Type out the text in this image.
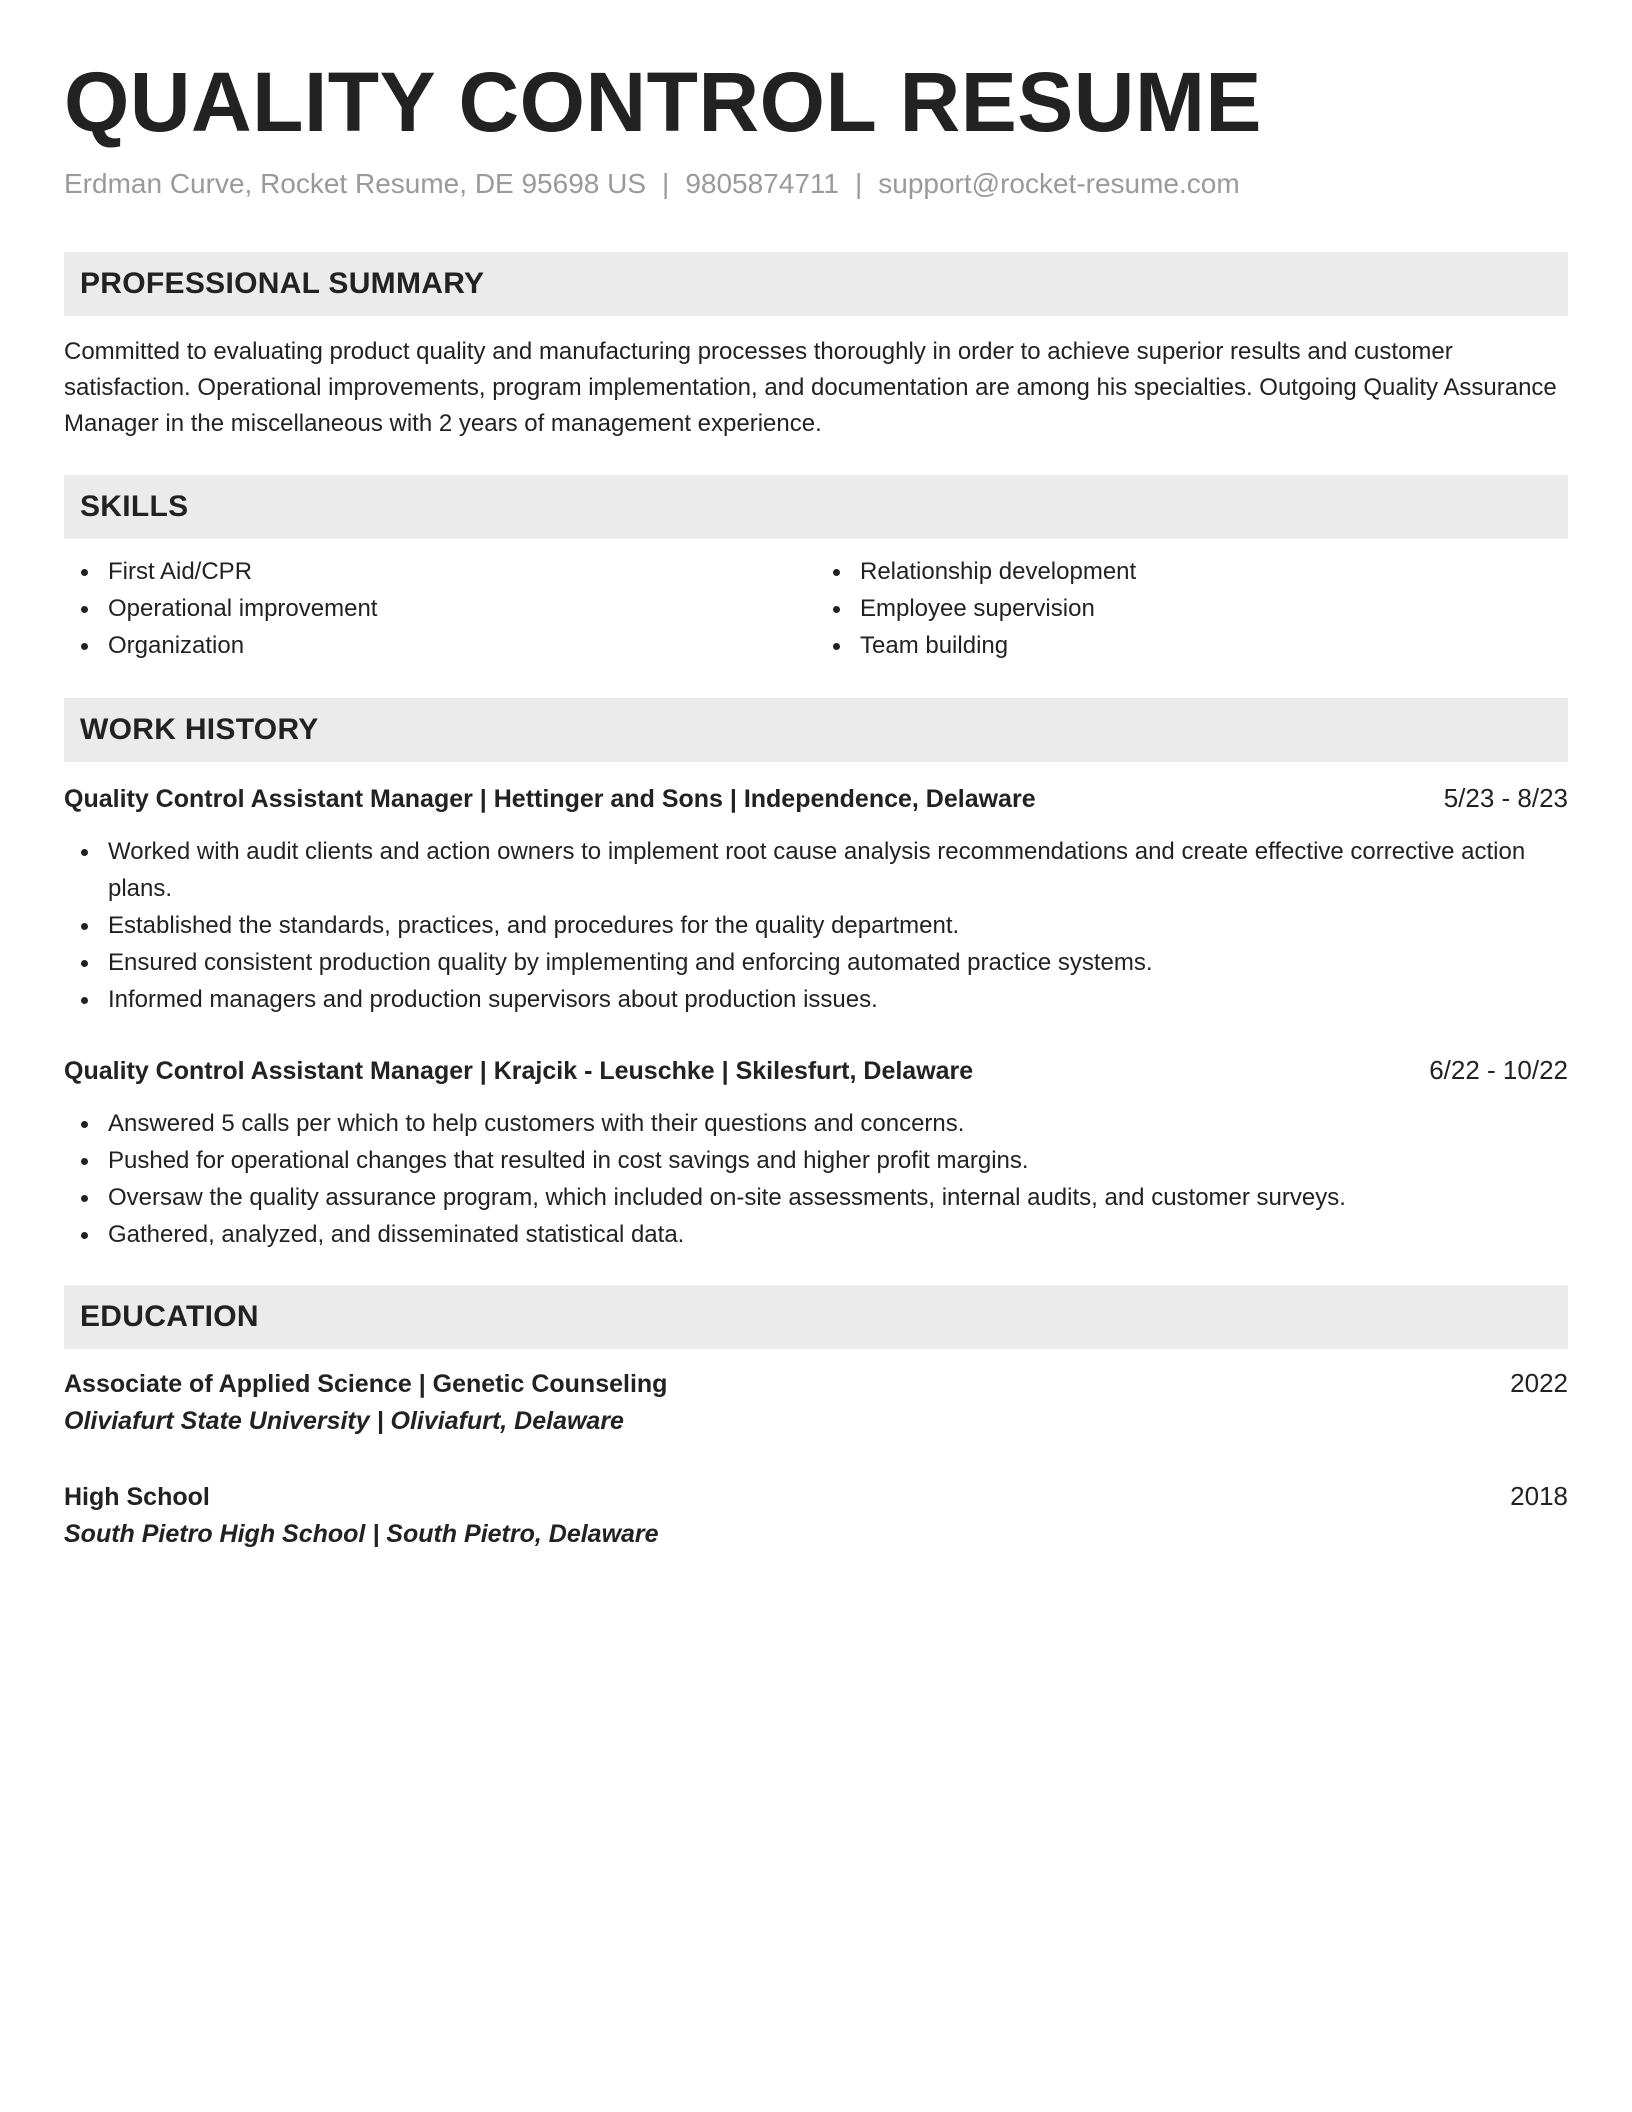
QUALITY CONTROL RESUME
Erdman Curve, Rocket Resume, DE 95698 US | 9805874711 | support@rocket-resume.com
PROFESSIONAL SUMMARY
Committed to evaluating product quality and manufacturing processes thoroughly in order to achieve superior results and customer satisfaction. Operational improvements, program implementation, and documentation are among his specialties. Outgoing Quality Assurance Manager in the miscellaneous with 2 years of management experience.
SKILLS
First Aid/CPR
Operational improvement
Organization
Relationship development
Employee supervision
Team building
WORK HISTORY
Quality Control Assistant Manager | Hettinger and Sons | Independence, Delaware	5/23 - 8/23
Worked with audit clients and action owners to implement root cause analysis recommendations and create effective corrective action plans.
Established the standards, practices, and procedures for the quality department.
Ensured consistent production quality by implementing and enforcing automated practice systems.
Informed managers and production supervisors about production issues.
Quality Control Assistant Manager | Krajcik - Leuschke | Skilesfurt, Delaware	6/22 - 10/22
Answered 5 calls per which to help customers with their questions and concerns.
Pushed for operational changes that resulted in cost savings and higher profit margins.
Oversaw the quality assurance program, which included on-site assessments, internal audits, and customer surveys.
Gathered, analyzed, and disseminated statistical data.
EDUCATION
Associate of Applied Science | Genetic Counseling	2022
Oliviafurt State University | Oliviafurt, Delaware
High School	2018
South Pietro High School | South Pietro, Delaware
